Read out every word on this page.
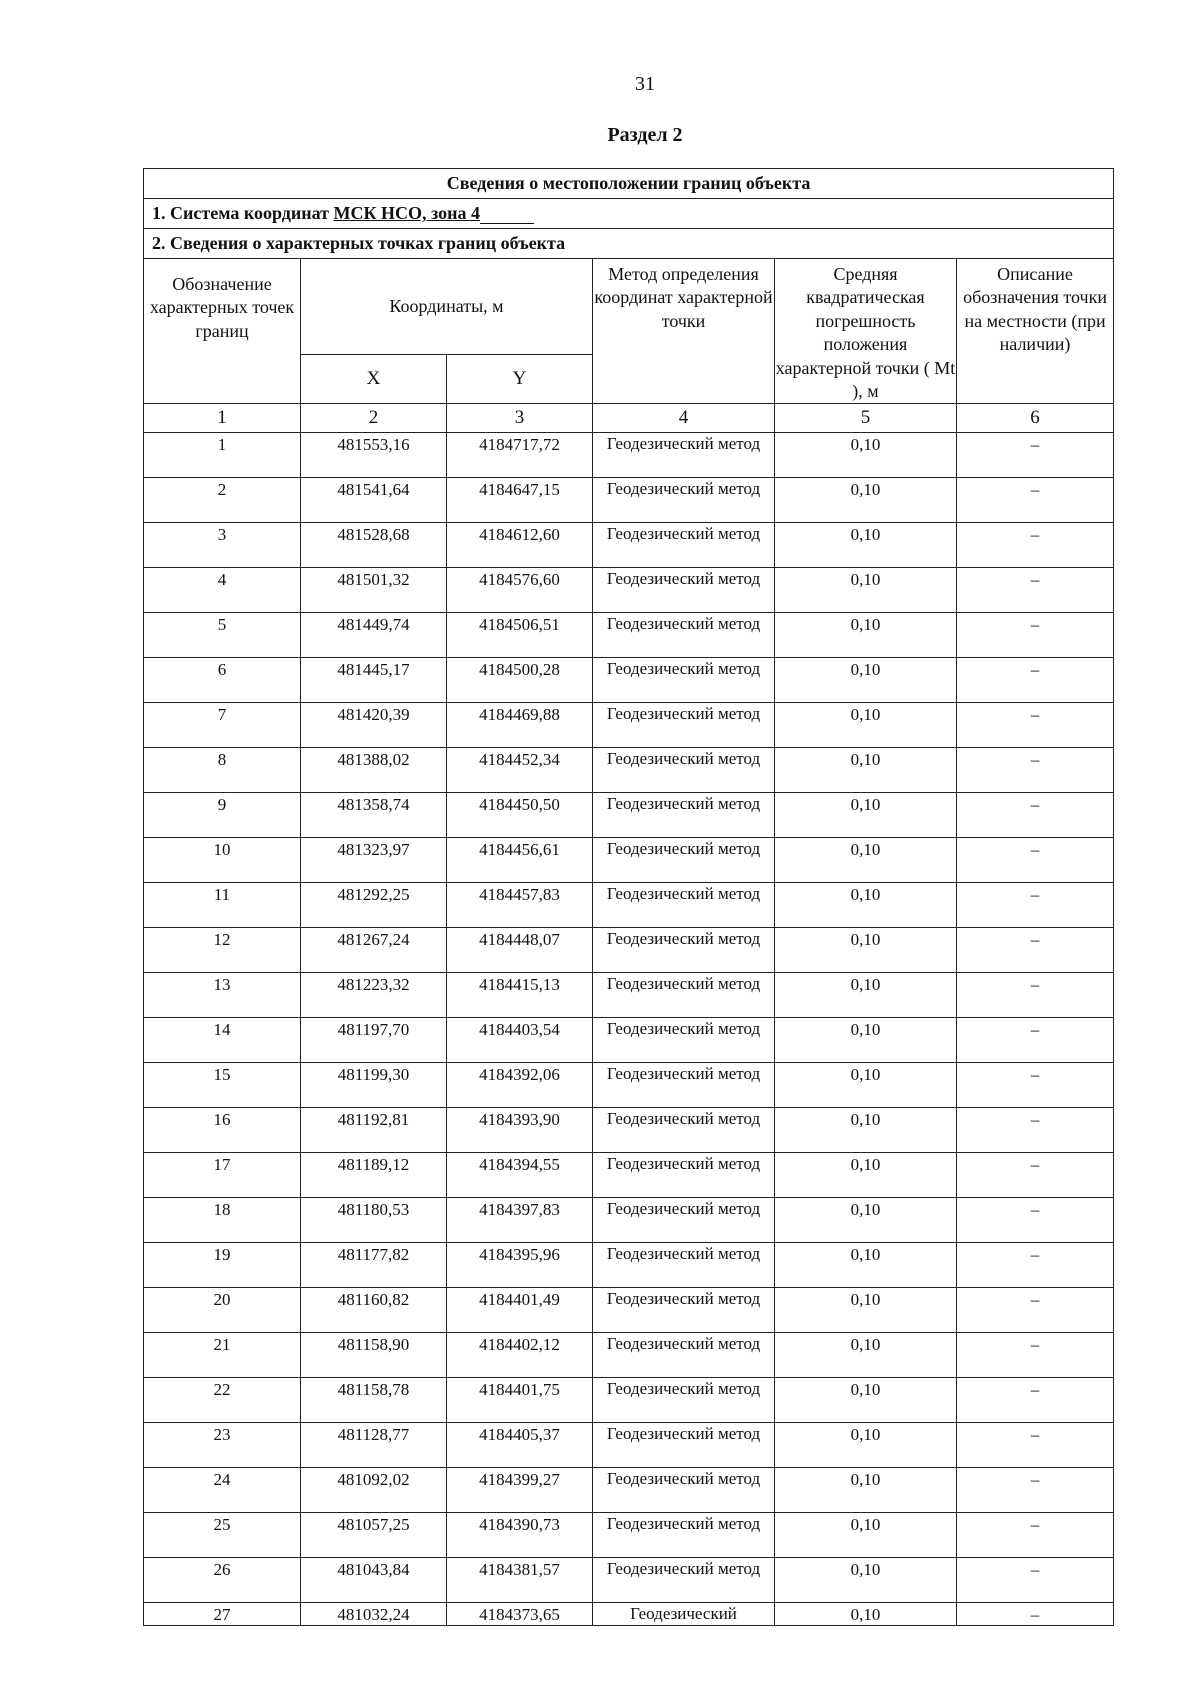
31
Раздел 2
Сведения о местоположении границ объекта					
1. Система координат МСК НСО, зона 4					
2. Сведения о характерных точках границ объекта					
Обозначение характерных точек границ	Координаты, м		Метод определения координат характерной точки	Средняя квадратическая погрешность положения характерной точки ( Mt ), м	Описание обозначения точки на местности (при наличии)
	X	Y			
1	2	3	4	5	6
1	481553,16	4184717,72	Геодезический метод	0,10	–
2	481541,64	4184647,15	Геодезический метод	0,10	–
3	481528,68	4184612,60	Геодезический метод	0,10	–
4	481501,32	4184576,60	Геодезический метод	0,10	–
5	481449,74	4184506,51	Геодезический метод	0,10	–
6	481445,17	4184500,28	Геодезический метод	0,10	–
7	481420,39	4184469,88	Геодезический метод	0,10	–
8	481388,02	4184452,34	Геодезический метод	0,10	–
9	481358,74	4184450,50	Геодезический метод	0,10	–
10	481323,97	4184456,61	Геодезический метод	0,10	–
11	481292,25	4184457,83	Геодезический метод	0,10	–
12	481267,24	4184448,07	Геодезический метод	0,10	–
13	481223,32	4184415,13	Геодезический метод	0,10	–
14	481197,70	4184403,54	Геодезический метод	0,10	–
15	481199,30	4184392,06	Геодезический метод	0,10	–
16	481192,81	4184393,90	Геодезический метод	0,10	–
17	481189,12	4184394,55	Геодезический метод	0,10	–
18	481180,53	4184397,83	Геодезический метод	0,10	–
19	481177,82	4184395,96	Геодезический метод	0,10	–
20	481160,82	4184401,49	Геодезический метод	0,10	–
21	481158,90	4184402,12	Геодезический метод	0,10	–
22	481158,78	4184401,75	Геодезический метод	0,10	–
23	481128,77	4184405,37	Геодезический метод	0,10	–
24	481092,02	4184399,27	Геодезический метод	0,10	–
25	481057,25	4184390,73	Геодезический метод	0,10	–
26	481043,84	4184381,57	Геодезический метод	0,10	–
27	481032,24	4184373,65	Геодезический	0,10	–
